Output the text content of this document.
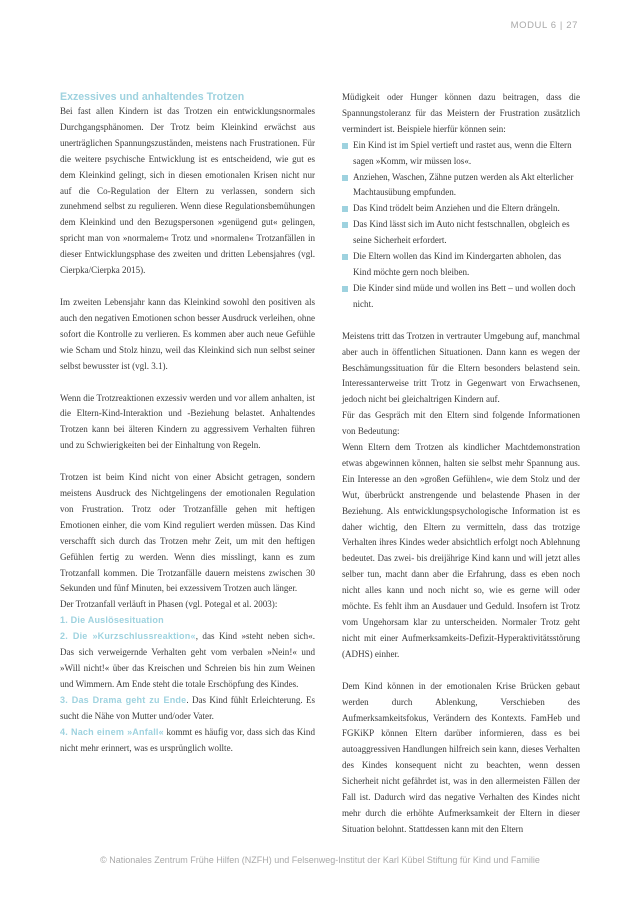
MODUL 6 | 27
Exzessives und anhaltendes Trotzen

Bei fast allen Kindern ist das Trotzen ein entwicklungsnormales Durchgangsphänomen. Der Trotz beim Kleinkind erwächst aus unerträglichen Spannungszuständen, meistens nach Frustrationen. Für die weitere psychische Entwicklung ist es entscheidend, wie gut es dem Kleinkind gelingt, sich in diesen emotionalen Krisen nicht nur auf die Co-Regulation der Eltern zu verlassen, sondern sich zunehmend selbst zu regulieren. Wenn diese Regulationsbemühungen dem Kleinkind und den Bezugspersonen »genügend gut« gelingen, spricht man von »normalem« Trotz und »normalen« Trotzanfällen in dieser Entwicklungsphase des zweiten und dritten Lebensjahres (vgl. Cierpka/Cierpka 2015).

Im zweiten Lebensjahr kann das Kleinkind sowohl den positiven als auch den negativen Emotionen schon besser Ausdruck verleihen, ohne sofort die Kontrolle zu verlieren. Es kommen aber auch neue Gefühle wie Scham und Stolz hinzu, weil das Kleinkind sich nun selbst seiner selbst bewusster ist (vgl. 3.1).

Wenn die Trotzreaktionen exzessiv werden und vor allem anhalten, ist die Eltern-Kind-Interaktion und -Beziehung belastet. Anhaltendes Trotzen kann bei älteren Kindern zu aggressivem Verhalten führen und zu Schwierigkeiten bei der Einhaltung von Regeln.

Trotzen ist beim Kind nicht von einer Absicht getragen, sondern meistens Ausdruck des Nichtgelingens der emotionalen Regulation von Frustration. Trotz oder Trotzanfälle gehen mit heftigen Emotionen einher, die vom Kind reguliert werden müssen. Das Kind verschafft sich durch das Trotzen mehr Zeit, um mit den heftigen Gefühlen fertig zu werden. Wenn dies misslingt, kann es zum Trotzanfall kommen. Die Trotzanfälle dauern meistens zwischen 30 Sekunden und fünf Minuten, bei exzessivem Trotzen auch länger.

Der Trotzanfall verläuft in Phasen (vgl. Potegal et al. 2003):

1. Die Auslösesituation

2. Die »Kurzschlussreaktion«, das Kind »steht neben sich«. Das sich verweigernde Verhalten geht vom verbalen »Nein!« und »Will nicht!« über das Kreischen und Schreien bis hin zum Weinen und Wimmern. Am Ende steht die totale Erschöpfung des Kindes.

3. Das Drama geht zu Ende. Das Kind fühlt Erleichterung. Es sucht die Nähe von Mutter und/oder Vater.

4. Nach einem »Anfall« kommt es häufig vor, dass sich das Kind nicht mehr erinnert, was es ursprünglich wollte.

Müdigkeit oder Hunger können dazu beitragen, dass die Spannungstoleranz für das Meistern der Frustration zusätzlich vermindert ist. Beispiele hierfür können sein:

Ein Kind ist im Spiel vertieft und rastet aus, wenn die Eltern sagen »Komm, wir müssen los«.
Anziehen, Waschen, Zähne putzen werden als Akt elterlicher Machtausübung empfunden.
Das Kind trödelt beim Anziehen und die Eltern drängeln.
Das Kind lässt sich im Auto nicht festschnallen, obgleich es seine Sicherheit erfordert.
Die Eltern wollen das Kind im Kindergarten abholen, das Kind möchte gern noch bleiben.
Die Kinder sind müde und wollen ins Bett – und wollen doch nicht.

Meistens tritt das Trotzen in vertrauter Umgebung auf, manchmal aber auch in öffentlichen Situationen. Dann kann es wegen der Beschämungssituation für die Eltern besonders belastend sein. Interessanterweise tritt Trotz in Gegenwart von Erwachsenen, jedoch nicht bei gleichaltrigen Kindern auf.

Für das Gespräch mit den Eltern sind folgende Informationen von Bedeutung:

Wenn Eltern dem Trotzen als kindlicher Machtdemonstration etwas abgewinnen können, halten sie selbst mehr Spannung aus. Ein Interesse an den »großen Gefühlen«, wie dem Stolz und der Wut, überbrückt anstrengende und belastende Phasen in der Beziehung. Als entwicklungspsychologische Information ist es daher wichtig, den Eltern zu vermitteln, dass das trotzige Verhalten ihres Kindes weder absichtlich erfolgt noch Ablehnung bedeutet. Das zwei- bis dreijährige Kind kann und will jetzt alles selber tun, macht dann aber die Erfahrung, dass es eben noch nicht alles kann und noch nicht so, wie es gerne will oder möchte. Es fehlt ihm an Ausdauer und Geduld. Insofern ist Trotz vom Ungehorsam klar zu unterscheiden. Normaler Trotz geht nicht mit einer Aufmerksamkeits-Defizit-Hyperaktivitätsstörung (ADHS) einher.

Dem Kind können in der emotionalen Krise Brücken gebaut werden durch Ablenkung, Verschieben des Aufmerksamkeitsfokus, Verändern des Kontexts. FamHeb und FGKiKP können Eltern darüber informieren, dass es bei autoaggressiven Handlungen hilfreich sein kann, dieses Verhalten des Kindes konsequent nicht zu beachten, wenn dessen Sicherheit nicht gefährdet ist, was in den allermeisten Fällen der Fall ist. Dadurch wird das negative Verhalten des Kindes nicht mehr durch die erhöhte Aufmerksamkeit der Eltern in dieser Situation belohnt. Stattdessen kann mit den Eltern

© Nationales Zentrum Frühe Hilfen (NZFH) und Felsenweg-Institut der Karl Kübel Stiftung für Kind und Familie
